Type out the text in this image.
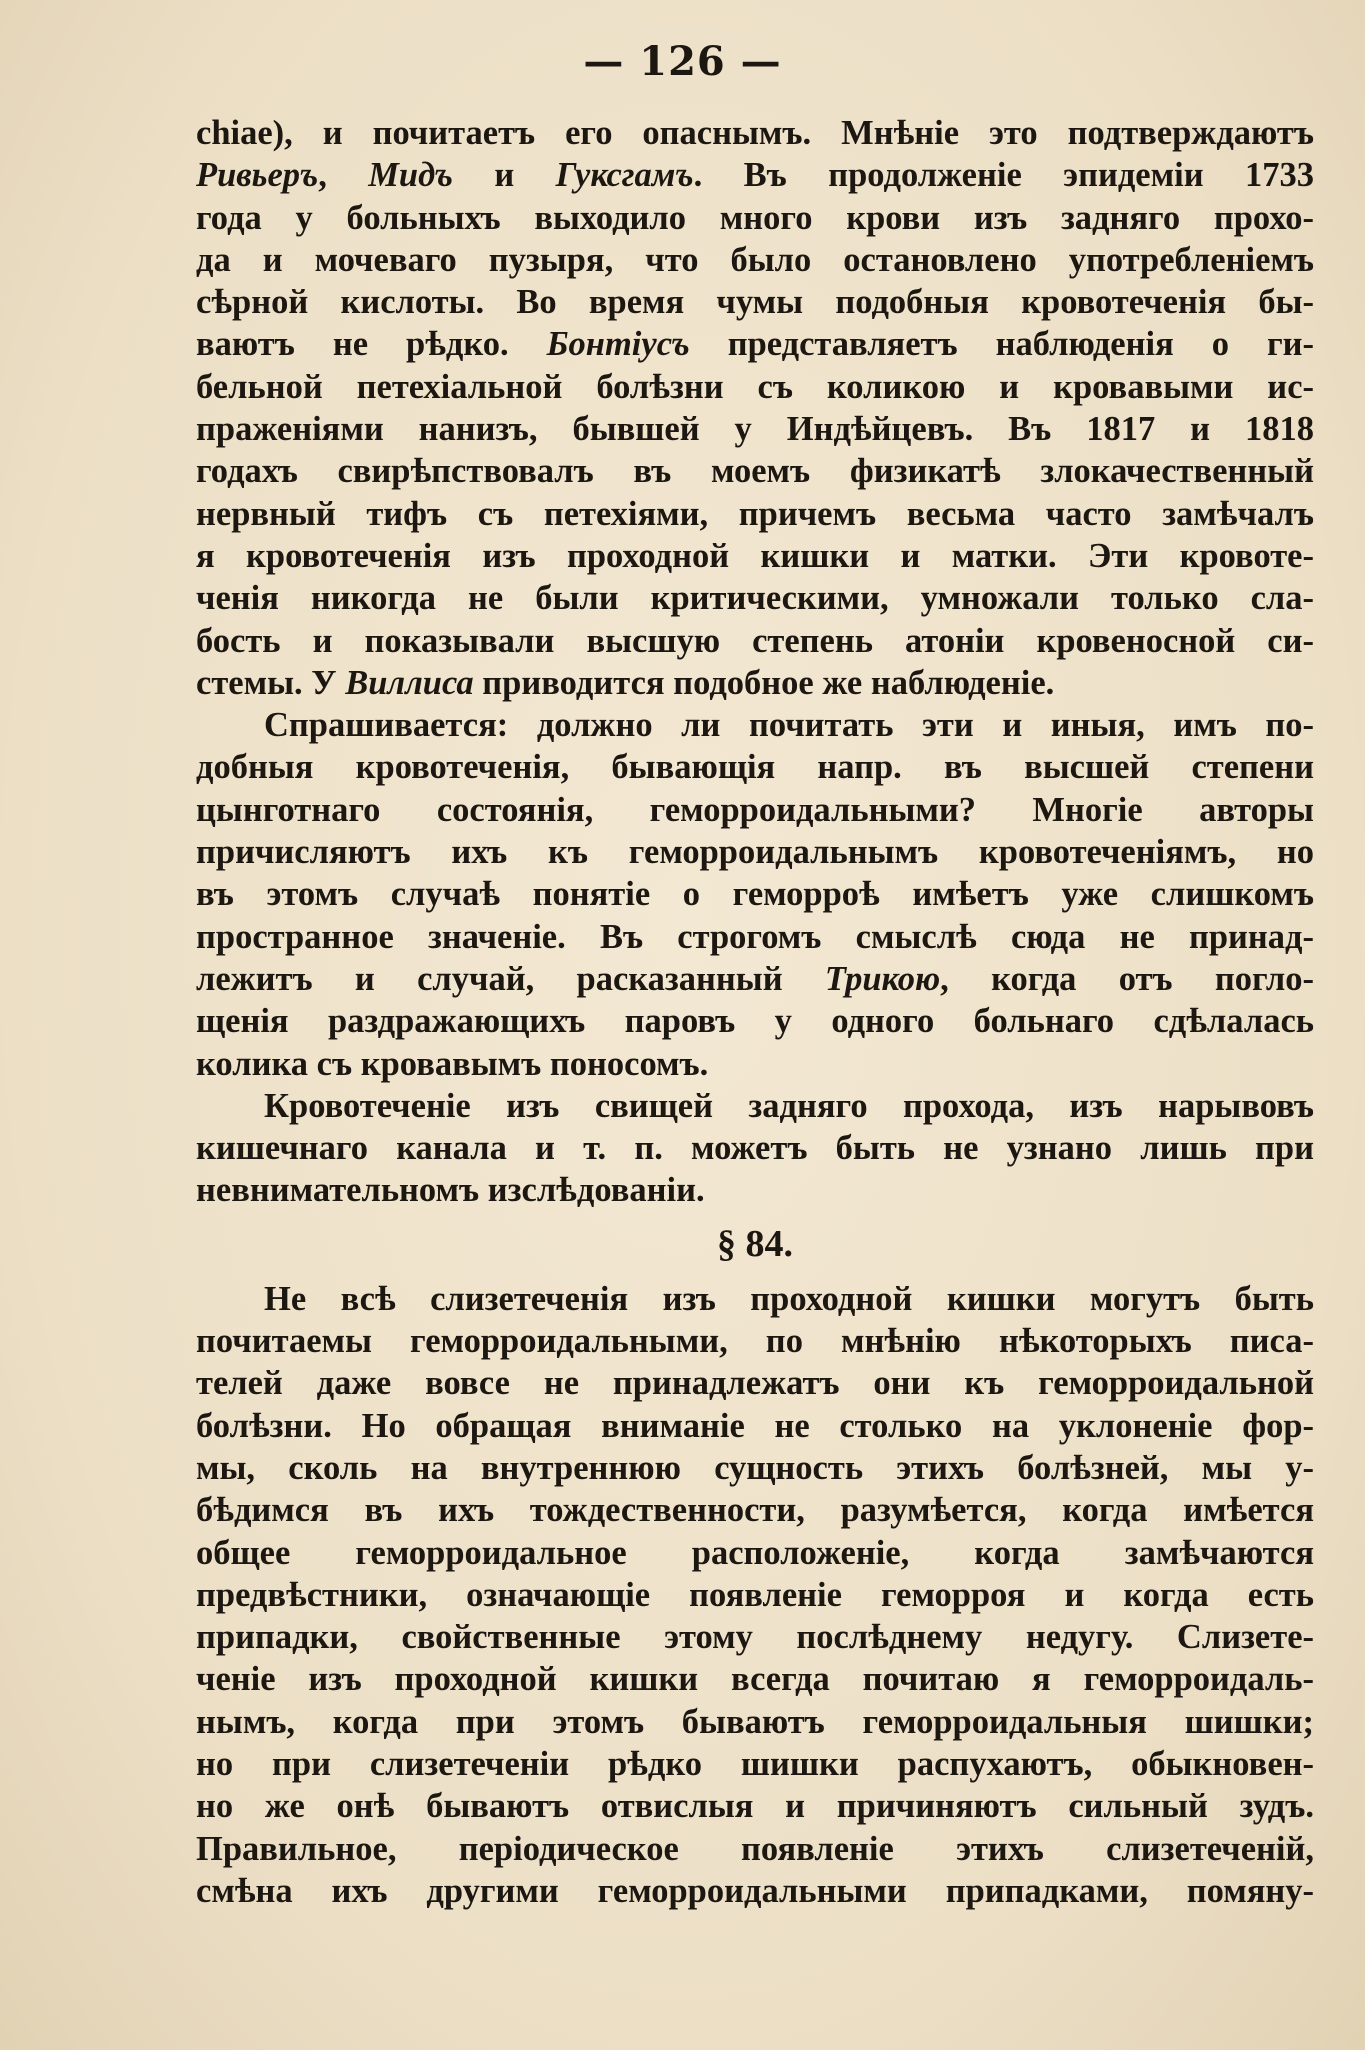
— 126 —
chiae), и почитаетъ его опаснымъ. Мнѣніе это подтверждаютъ
Ривьеръ, Мидъ и Гуксгамъ. Въ продолженіе эпидеміи 1733
года у больныхъ выходило много крови изъ задняго прохо-
да и мочеваго пузыря, что было остановлено употребленіемъ
сѣрной кислоты. Во время чумы подобныя кровотеченія бы-
ваютъ не рѣдко. Бонтіусъ представляетъ наблюденія о ги-
бельной петехіальной болѣзни съ коликою и кровавыми ис-
праженіями нанизъ, бывшей у Индѣйцевъ. Въ 1817 и 1818
годахъ свирѣпствовалъ въ моемъ физикатѣ злокачественный
нервный тифъ съ петехіями, причемъ весьма часто замѣчалъ
я кровотеченія изъ проходной кишки и матки. Эти кровоте-
ченія никогда не были критическими, умножали только сла-
бость и показывали высшую степень атоніи кровеносной си-
стемы. У Виллиса приводится подобное же наблюденіе.
Спрашивается: должно ли почитать эти и иныя, имъ по-
добныя кровотеченія, бывающія напр. въ высшей степени
цынготнаго состоянія, геморроидальными? Многіе авторы
причисляютъ ихъ къ геморроидальнымъ кровотеченіямъ, но
въ этомъ случаѣ понятіе о геморроѣ имѣетъ уже слишкомъ
пространное значеніе. Въ строгомъ смыслѣ сюда не принад-
лежитъ и случай, расказанный Трикою, когда отъ погло-
щенія раздражающихъ паровъ у одного больнаго сдѣлалась
колика съ кровавымъ поносомъ.
Кровотеченіе изъ свищей задняго прохода, изъ нарывовъ
кишечнаго канала и т. п. можетъ быть не узнано лишь при
невнимательномъ изслѣдованіи.
§ 84.
Не всѣ слизетеченія изъ проходной кишки могутъ быть
почитаемы геморроидальными, по мнѣнію нѣкоторыхъ писа-
телей даже вовсе не принадлежатъ они къ геморроидальной
болѣзни. Но обращая вниманіе не столько на уклоненіе фор-
мы, сколь на внутреннюю сущность этихъ болѣзней, мы у-
бѣдимся въ ихъ тождественности, разумѣется, когда имѣется
общее геморроидальное расположеніе, когда замѣчаются
предвѣстники, означающіе появленіе геморроя и когда есть
припадки, свойственные этому послѣднему недугу. Слизете-
ченіе изъ проходной кишки всегда почитаю я геморроидаль-
нымъ, когда при этомъ бываютъ геморроидальныя шишки;
но при слизетеченіи рѣдко шишки распухаютъ, обыкновен-
но же онѣ бываютъ отвислыя и причиняютъ сильный зудъ.
Правильное, періодическое появленіе этихъ слизетеченій,
смѣна ихъ другими геморроидальными припадками, помяну-
